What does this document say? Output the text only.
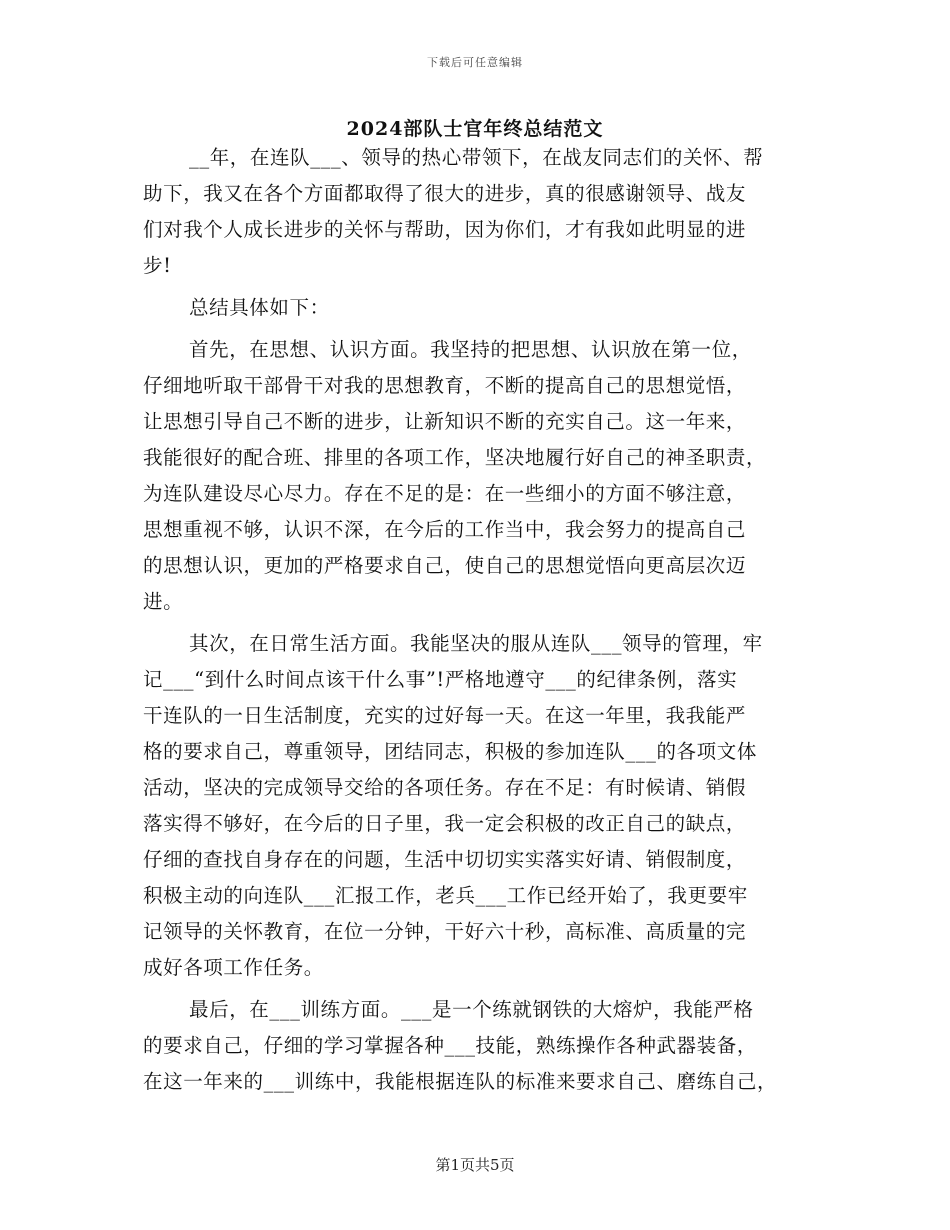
下载后可任意编辑
2024部队士官年终总结范文
__年，在连队___、领导的热心带领下，在战友同志们的关怀、帮
助下，我又在各个方面都取得了很大的进步，真的很感谢领导、战友
们对我个人成长进步的关怀与帮助，因为你们，才有我如此明显的进
步!
总结具体如下：
首先，在思想、认识方面。我坚持的把思想、认识放在第一位，
仔细地听取干部骨干对我的思想教育，不断的提高自己的思想觉悟，
让思想引导自己不断的进步，让新知识不断的充实自己。这一年来，
我能很好的配合班、排里的各项工作，坚决地履行好自己的神圣职责，
为连队建设尽心尽力。存在不足的是：在一些细小的方面不够注意，
思想重视不够，认识不深，在今后的工作当中，我会努力的提高自己
的思想认识，更加的严格要求自己，使自己的思想觉悟向更高层次迈
进。
其次，在日常生活方面。我能坚决的服从连队___领导的管理，牢
记___“到什么时间点该干什么事”!严格地遵守___的纪律条例，落实
干连队的一日生活制度，充实的过好每一天。在这一年里，我我能严
格的要求自己，尊重领导，团结同志，积极的参加连队___的各项文体
活动，坚决的完成领导交给的各项任务。存在不足：有时候请、销假
落实得不够好，在今后的日子里，我一定会积极的改正自己的缺点，
仔细的查找自身存在的问题，生活中切切实实落实好请、销假制度，
积极主动的向连队___汇报工作，老兵___工作已经开始了，我更要牢
记领导的关怀教育，在位一分钟，干好六十秒，高标准、高质量的完
成好各项工作任务。
最后，在___训练方面。___是一个练就钢铁的大熔炉，我能严格
的要求自己，仔细的学习掌握各种___技能，熟练操作各种武器装备，
在这一年来的___训练中，我能根据连队的标准来要求自己、磨练自己，
第1页共5页
